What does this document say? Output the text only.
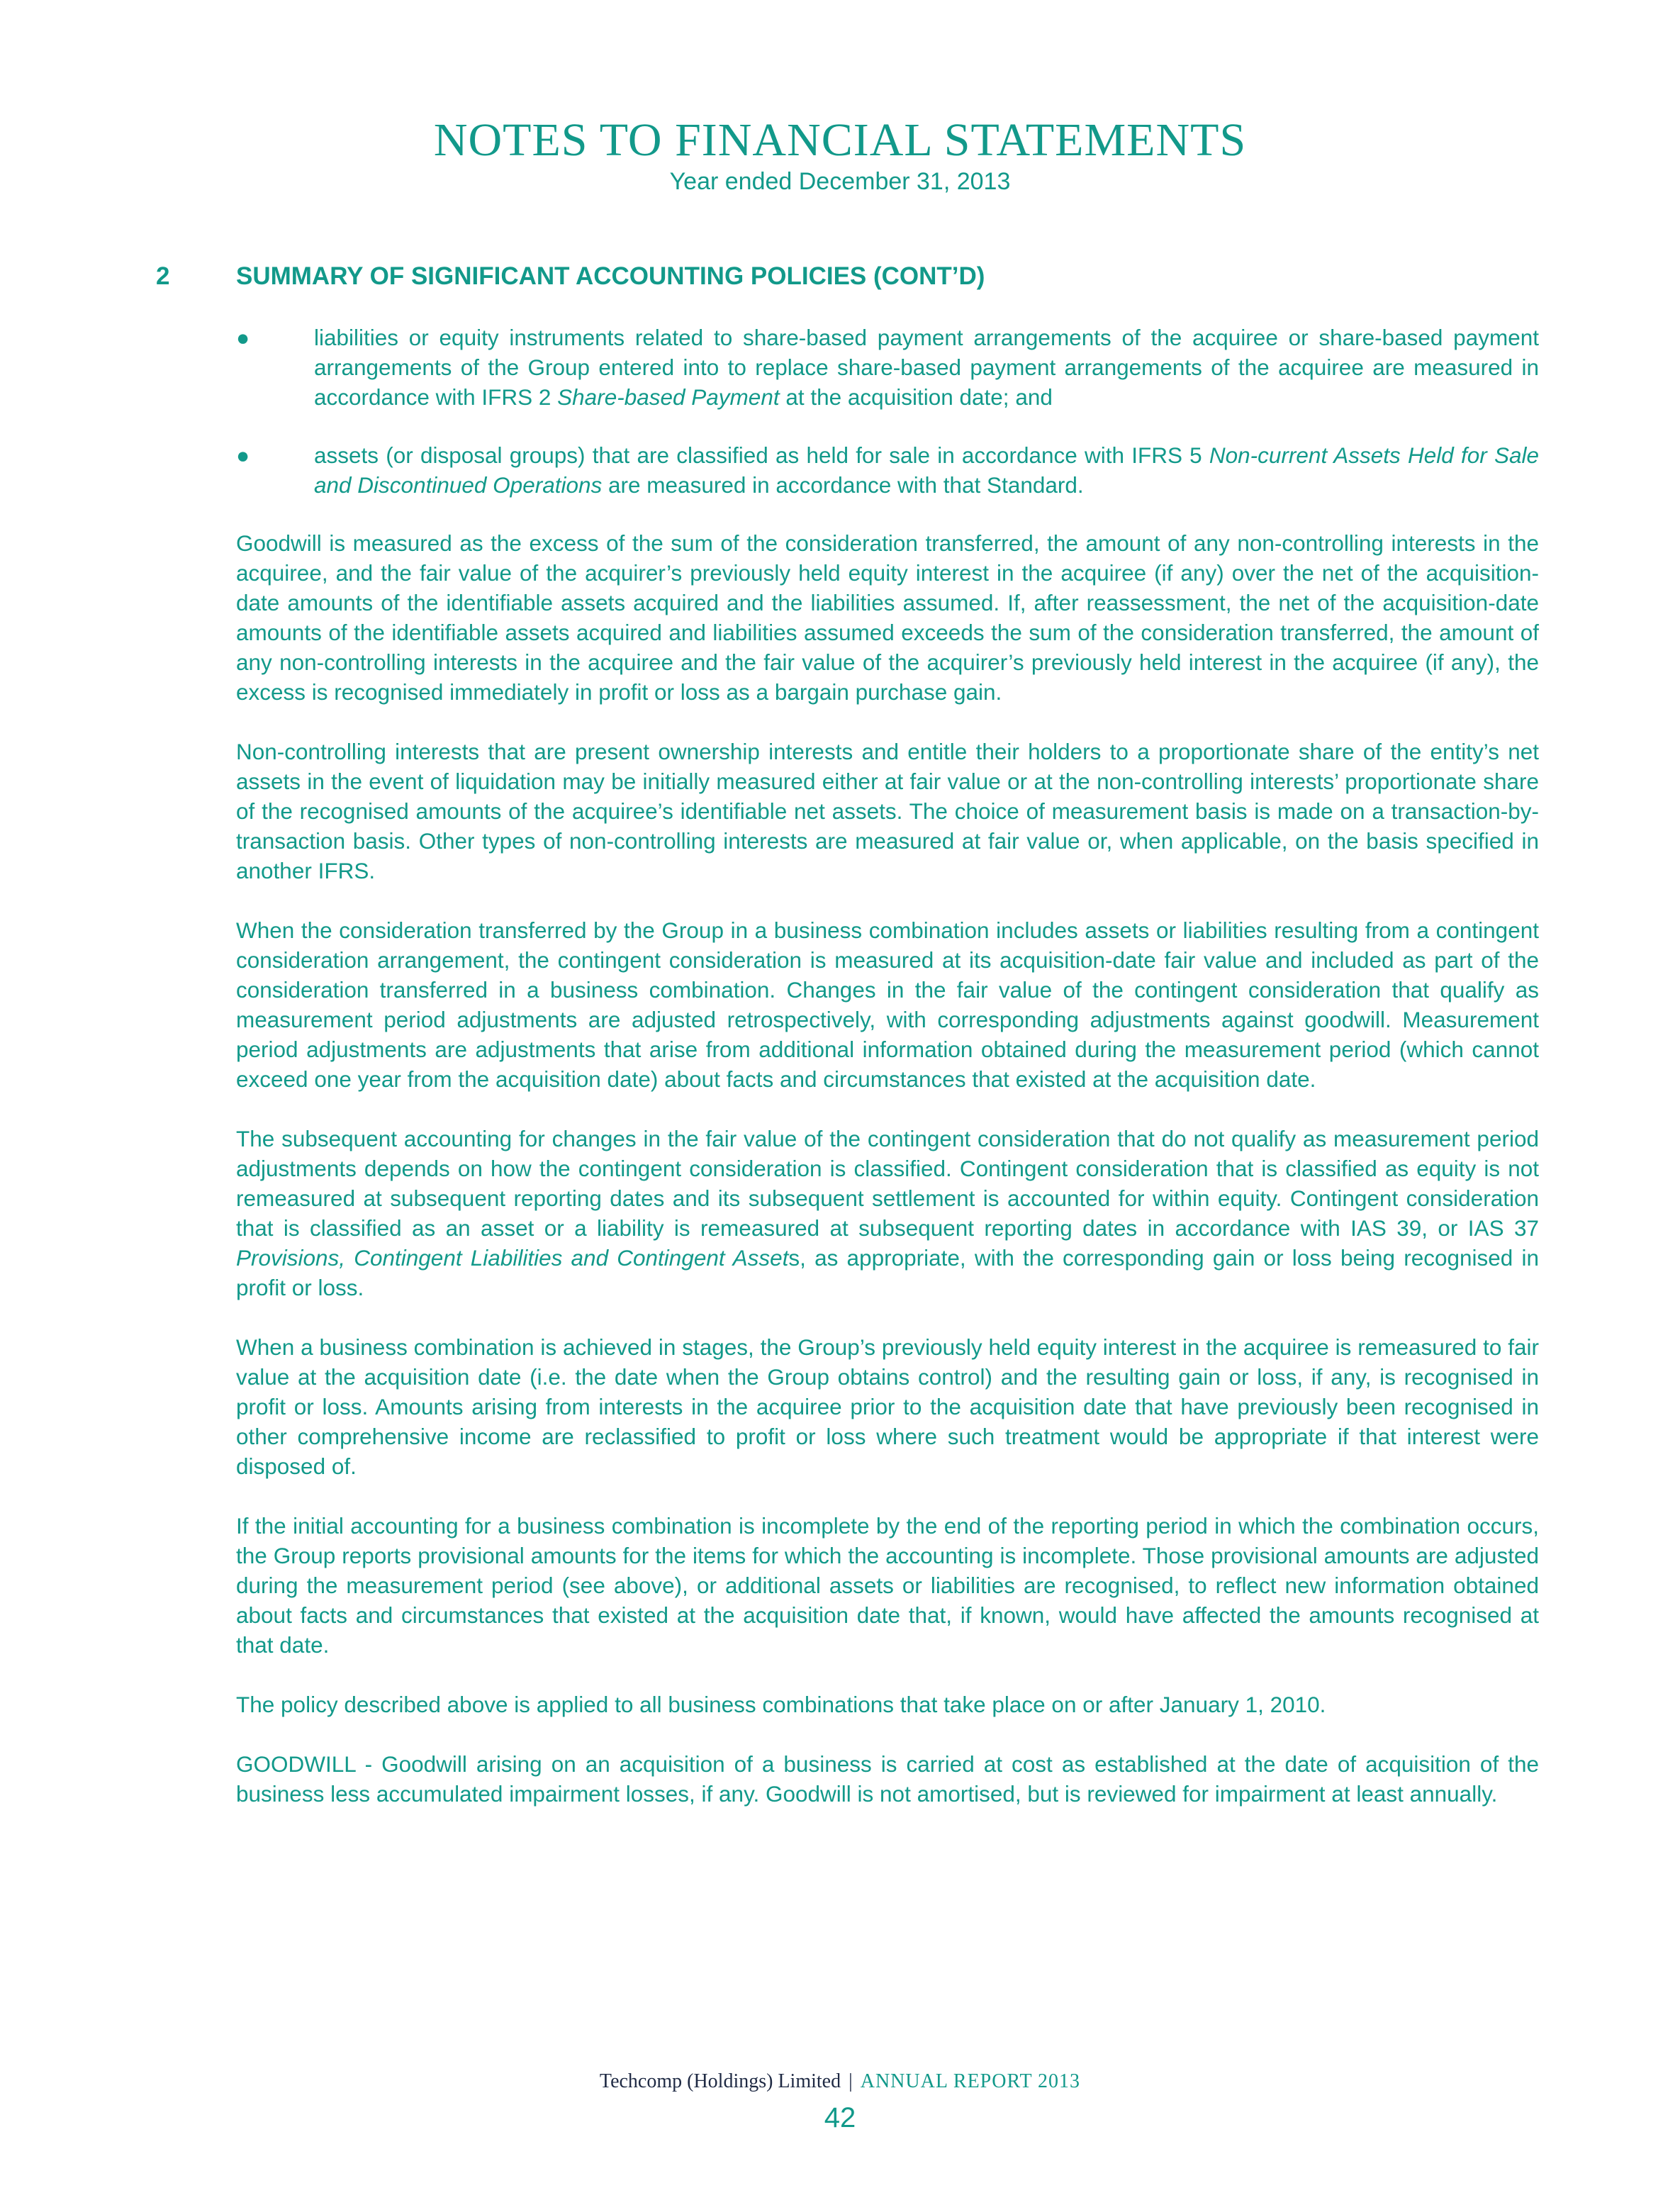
NOTES TO FINANCIAL STATEMENTS
Year ended December 31, 2013
2	SUMMARY OF SIGNIFICANT ACCOUNTING POLICIES (CONT’D)
●	liabilities or equity instruments related to share-based payment arrangements of the acquiree or share-based payment arrangements of the Group entered into to replace share-based payment arrangements of the acquiree are measured in accordance with IFRS 2 Share-based Payment at the acquisition date; and
●	assets (or disposal groups) that are classified as held for sale in accordance with IFRS 5 Non-current Assets Held for Sale and Discontinued Operations are measured in accordance with that Standard.

Goodwill is measured as the excess of the sum of the consideration transferred, the amount of any non-controlling interests in the acquiree, and the fair value of the acquirer’s previously held equity interest in the acquiree (if any) over the net of the acquisition-date amounts of the identifiable assets acquired and the liabilities assumed. If, after reassessment, the net of the acquisition-date amounts of the identifiable assets acquired and liabilities assumed exceeds the sum of the consideration transferred, the amount of any non-controlling interests in the acquiree and the fair value of the acquirer’s previously held interest in the acquiree (if any), the excess is recognised immediately in profit or loss as a bargain purchase gain.

Non-controlling interests that are present ownership interests and entitle their holders to a proportionate share of the entity’s net assets in the event of liquidation may be initially measured either at fair value or at the non-controlling interests’ proportionate share of the recognised amounts of the acquiree’s identifiable net assets. The choice of measurement basis is made on a transaction-by-transaction basis. Other types of non-controlling interests are measured at fair value or, when applicable, on the basis specified in another IFRS.

When the consideration transferred by the Group in a business combination includes assets or liabilities resulting from a contingent consideration arrangement, the contingent consideration is measured at its acquisition-date fair value and included as part of the consideration transferred in a business combination. Changes in the fair value of the contingent consideration that qualify as measurement period adjustments are adjusted retrospectively, with corresponding adjustments against goodwill. Measurement period adjustments are adjustments that arise from additional information obtained during the measurement period (which cannot exceed one year from the acquisition date) about facts and circumstances that existed at the acquisition date.

The subsequent accounting for changes in the fair value of the contingent consideration that do not qualify as measurement period adjustments depends on how the contingent consideration is classified. Contingent consideration that is classified as equity is not remeasured at subsequent reporting dates and its subsequent settlement is accounted for within equity. Contingent consideration that is classified as an asset or a liability is remeasured at subsequent reporting dates in accordance with IAS 39, or IAS 37 Provisions, Contingent Liabilities and Contingent Assets, as appropriate, with the corresponding gain or loss being recognised in profit or loss.

When a business combination is achieved in stages, the Group’s previously held equity interest in the acquiree is remeasured to fair value at the acquisition date (i.e. the date when the Group obtains control) and the resulting gain or loss, if any, is recognised in profit or loss. Amounts arising from interests in the acquiree prior to the acquisition date that have previously been recognised in other comprehensive income are reclassified to profit or loss where such treatment would be appropriate if that interest were disposed of.

If the initial accounting for a business combination is incomplete by the end of the reporting period in which the combination occurs, the Group reports provisional amounts for the items for which the accounting is incomplete. Those provisional amounts are adjusted during the measurement period (see above), or additional assets or liabilities are recognised, to reflect new information obtained about facts and circumstances that existed at the acquisition date that, if known, would have affected the amounts recognised at that date.

The policy described above is applied to all business combinations that take place on or after January 1, 2010.

GOODWILL - Goodwill arising on an acquisition of a business is carried at cost as established at the date of acquisition of the business less accumulated impairment losses, if any. Goodwill is not amortised, but is reviewed for impairment at least annually.

Techcomp (Holdings) Limited | ANNUAL REPORT 2013
42
